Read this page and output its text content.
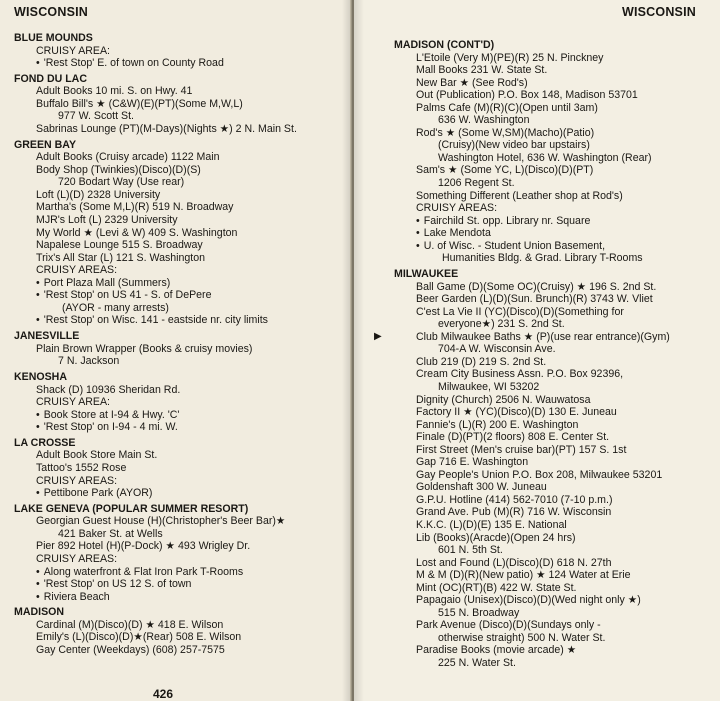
WISCONSIN
BLUE MOUNDS
CRUISY AREA:
• 'Rest Stop' E. of town on County Road
FOND DU LAC
Adult Books 10 mi. S. on Hwy. 41
Buffalo Bill's ★ (C&W)(E)(PT)(Some M,W,L)
977 W. Scott St.
Sabrinas Lounge (PT)(M-Days)(Nights ★) 2 N. Main St.
GREEN BAY
Adult Books (Cruisy arcade) 1122 Main
Body Shop (Twinkies)(Disco)(D)(S)
720 Bodart Way (Use rear)
Loft (L)(D) 2328 University
Martha's (Some M,L)(R) 519 N. Broadway
MJR's Loft (L) 2329 University
My World ★ (Levi & W) 409 S. Washington
Napalese Lounge 515 S. Broadway
Trix's All Star (L) 121 S. Washington
CRUISY AREAS:
• Port Plaza Mall (Summers)
• 'Rest Stop' on US 41 - S. of DePere
(AYOR - many arrests)
• 'Rest Stop' on Wisc. 141 - eastside nr. city limits
JANESVILLE
Plain Brown Wrapper (Books & cruisy movies)
7 N. Jackson
KENOSHA
Shack (D) 10936 Sheridan Rd.
CRUISY AREA:
• Book Store at I-94 & Hwy. 'C'
• 'Rest Stop' on I-94 - 4 mi. W.
LA CROSSE
Adult Book Store Main St.
Tattoo's 1552 Rose
CRUISY AREAS:
• Pettibone Park (AYOR)
LAKE GENEVA (POPULAR SUMMER RESORT)
Georgian Guest House (H)(Christopher's Beer Bar)★
421 Baker St. at Wells
Pier 892 Hotel (H)(P-Dock) ★ 493 Wrigley Dr.
CRUISY AREAS:
• Along waterfront & Flat Iron Park T-Rooms
• 'Rest Stop' on US 12 S. of town
• Riviera Beach
MADISON
Cardinal (M)(Disco)(D) ★ 418 E. Wilson
Emily's (L)(Disco)(D)★(Rear) 508 E. Wilson
Gay Center (Weekdays) (608) 257-7575
426
WISCONSIN
MADISON (CONT'D)
L'Etoile (Very M)(PE)(R) 25 N. Pinckney
Mall Books 231 W. State St.
New Bar ★ (See Rod's)
Out (Publication) P.O. Box 148, Madison 53701
Palms Cafe (M)(R)(C)(Open until 3am)
636 W. Washington
Rod's ★ (Some W,SM)(Macho)(Patio)
(Cruisy)(New video bar upstairs)
Washington Hotel, 636 W. Washington (Rear)
Sam's ★ (Some YC, L)(Disco)(D)(PT)
1206 Regent St.
Something Different (Leather shop at Rod's)
CRUISY AREAS:
• Fairchild St. opp. Library nr. Square
• Lake Mendota
• U. of Wisc. - Student Union Basement,
Humanities Bldg. & Grad. Library T-Rooms
MILWAUKEE
Ball Game (D)(Some OC)(Cruisy) ★ 196 S. 2nd St.
Beer Garden (L)(D)(Sun. Brunch)(R) 3743 W. Vliet
C'est La Vie II (YC)(Disco)(D)(Something for
everyone★) 231 S. 2nd St.
▶	Club Milwaukee Baths ★ (P)(use rear entrance)(Gym)
704-A W. Wisconsin Ave.
Club 219 (D) 219 S. 2nd St.
Cream City Business Assn. P.O. Box 92396,
Milwaukee, WI 53202
Dignity (Church) 2506 N. Wauwatosa
Factory II ★ (YC)(Disco)(D) 130 E. Juneau
Fannie's (L)(R) 200 E. Washington
Finale (D)(PT)(2 floors) 808 E. Center St.
First Street (Men's cruise bar)(PT) 157 S. 1st
Gap 716 E. Washington
Gay People's Union P.O. Box 208, Milwaukee 53201
Goldenshaft 300 W. Juneau
G.P.U. Hotline (414) 562-7010 (7-10 p.m.)
Grand Ave. Pub (M)(R) 716 W. Wisconsin
K.K.C. (L)(D)(E) 135 E. National
Lib (Books)(Aracde)(Open 24 hrs)
601 N. 5th St.
Lost and Found (L)(Disco)(D) 618 N. 27th
M & M (D)(R)(New patio) ★ 124 Water at Erie
Mint (OC)(RT)(B) 422 W. State St.
Papagaio (Unisex)(Disco)(D)(Wed night only ★)
515 N. Broadway
Park Avenue (Disco)(D)(Sundays only -
otherwise straight) 500 N. Water St.
Paradise Books (movie arcade) ★
225 N. Water St.
